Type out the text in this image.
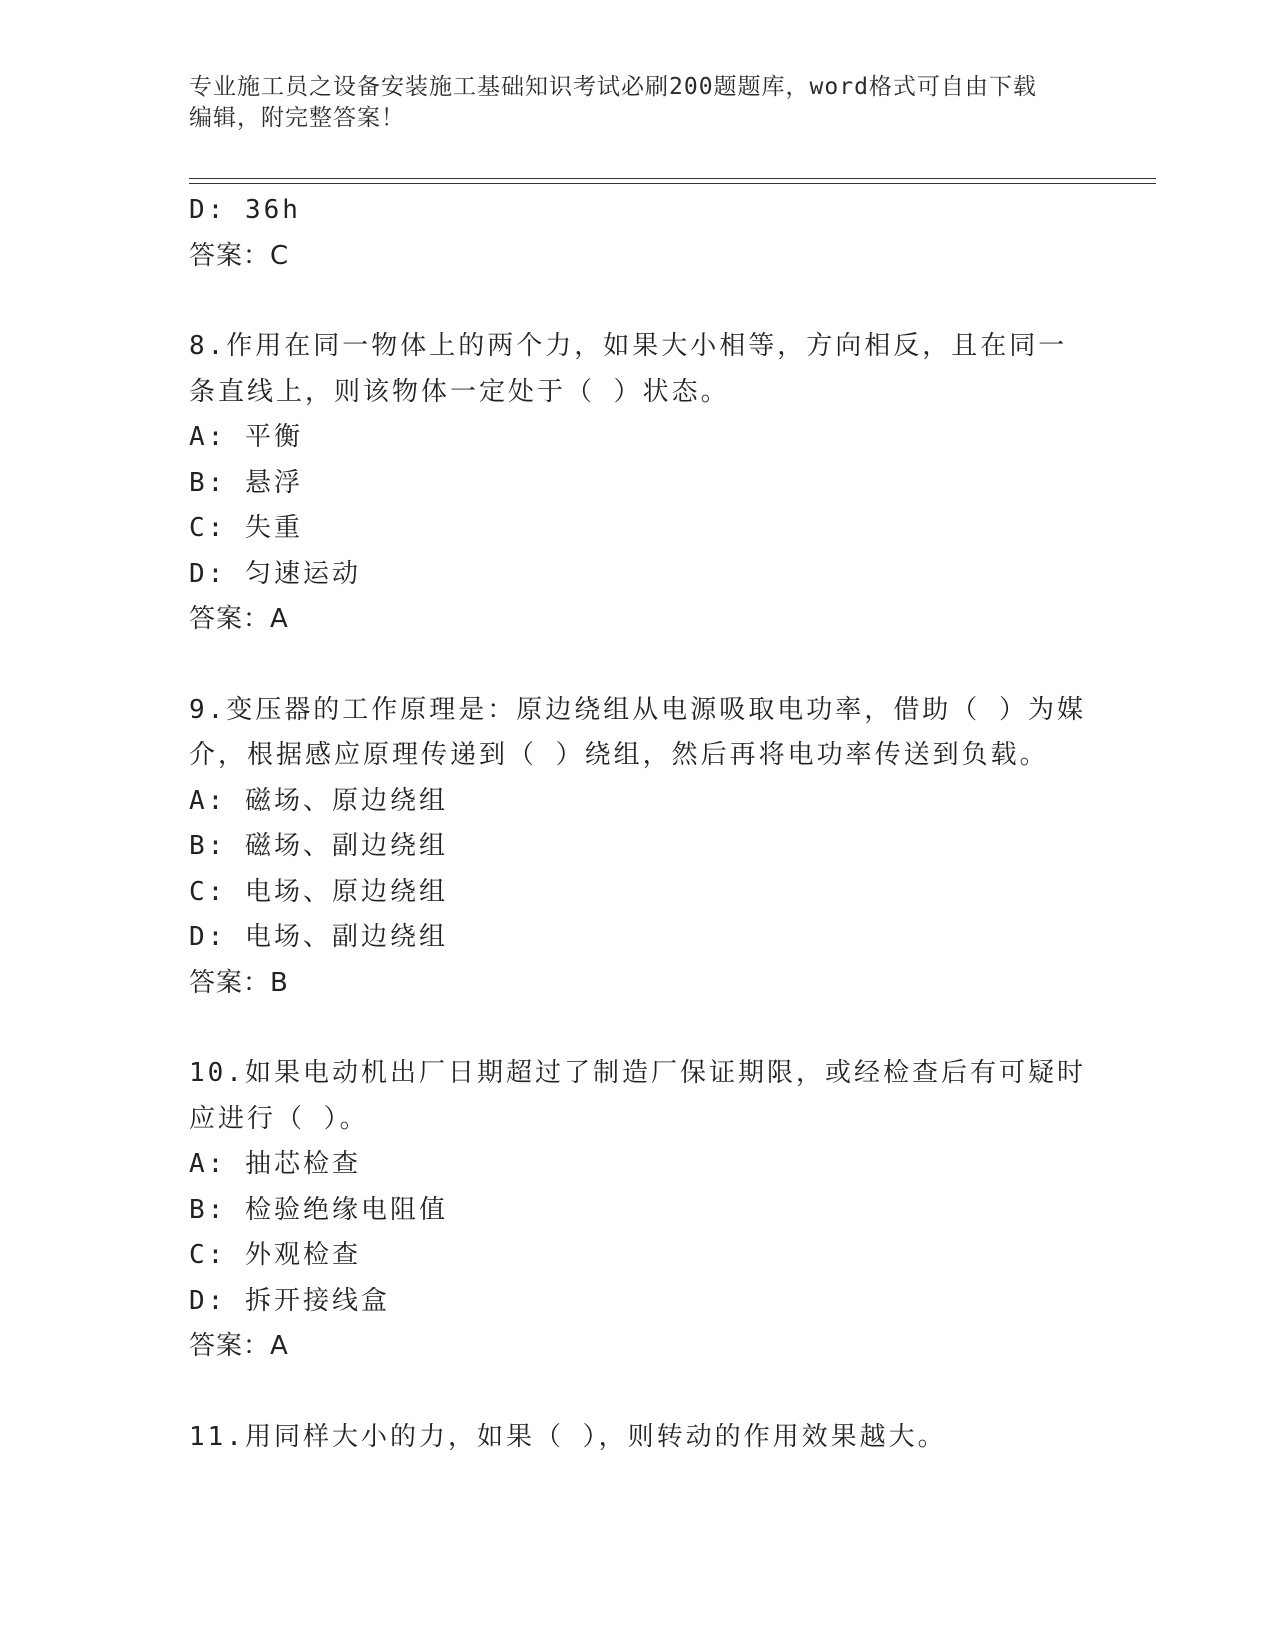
专业施工员之设备安装施工基础知识考试必刷200题题库，word格式可自由下载
编辑，附完整答案！
D: 36h
答案：C
8.作用在同一物体上的两个力，如果大小相等，方向相反，且在同一
条直线上，则该物体一定处于（ ）状态。
A: 平衡
B: 悬浮
C: 失重
D: 匀速运动
答案：A
9.变压器的工作原理是：原边绕组从电源吸取电功率，借助（ ）为媒
介，根据感应原理传递到（ ）绕组，然后再将电功率传送到负载。
A: 磁场、原边绕组
B: 磁场、副边绕组
C: 电场、原边绕组
D: 电场、副边绕组
答案：B
10.如果电动机出厂日期超过了制造厂保证期限，或经检查后有可疑时
应进行（ ）。
A: 抽芯检查
B: 检验绝缘电阻值
C: 外观检查
D: 拆开接线盒
答案：A
11.用同样大小的力，如果（ ），则转动的作用效果越大。
